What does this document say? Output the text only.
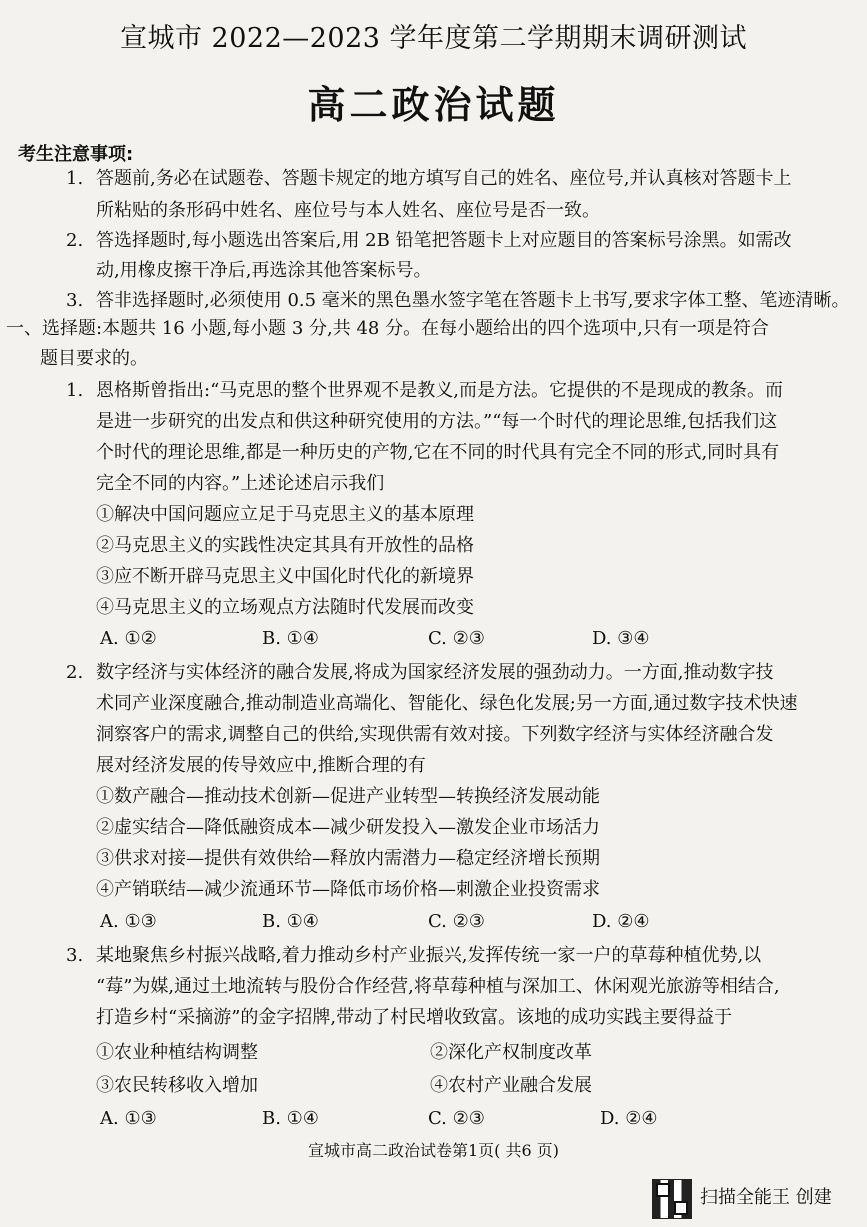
宣城市 2022—2023 学年度第二学期期末调研测试
高二政治试题
考生注意事项:
1. 答题前,务必在试题卷、答题卡规定的地方填写自己的姓名、座位号,并认真核对答题卡上
所粘贴的条形码中姓名、座位号与本人姓名、座位号是否一致。
2. 答选择题时,每小题选出答案后,用 2B 铅笔把答题卡上对应题目的答案标号涂黑。如需改
动,用橡皮擦干净后,再选涂其他答案标号。
3. 答非选择题时,必须使用 0.5 毫米的黑色墨水签字笔在答题卡上书写,要求字体工整、笔迹清晰。
一、选择题:本题共 16 小题,每小题 3 分,共 48 分。在每小题给出的四个选项中,只有一项是符合
题目要求的。
1. 恩格斯曾指出:“马克思的整个世界观不是教义,而是方法。它提供的不是现成的教条。而
是进一步研究的出发点和供这种研究使用的方法。”“每一个时代的理论思维,包括我们这
个时代的理论思维,都是一种历史的产物,它在不同的时代具有完全不同的形式,同时具有
完全不同的内容。”上述论述启示我们
①解决中国问题应立足于马克思主义的基本原理
②马克思主义的实践性决定其具有开放性的品格
③应不断开辟马克思主义中国化时代化的新境界
④马克思主义的立场观点方法随时代发展而改变
A. ①②	B. ①④	C. ②③	D. ③④
2. 数字经济与实体经济的融合发展,将成为国家经济发展的强劲动力。一方面,推动数字技
术同产业深度融合,推动制造业高端化、智能化、绿色化发展;另一方面,通过数字技术快速
洞察客户的需求,调整自己的供给,实现供需有效对接。下列数字经济与实体经济融合发
展对经济发展的传导效应中,推断合理的有
①数产融合—推动技术创新—促进产业转型—转换经济发展动能
②虚实结合—降低融资成本—减少研发投入—激发企业市场活力
③供求对接—提供有效供给—释放内需潜力—稳定经济增长预期
④产销联结—减少流通环节—降低市场价格—刺激企业投资需求
A. ①③	B. ①④	C. ②③	D. ②④
3. 某地聚焦乡村振兴战略,着力推动乡村产业振兴,发挥传统一家一户的草莓种植优势,以
“莓”为媒,通过土地流转与股份合作经营,将草莓种植与深加工、休闲观光旅游等相结合,
打造乡村“采摘游”的金字招牌,带动了村民增收致富。该地的成功实践主要得益于
①农业种植结构调整	②深化产权制度改革
③农民转移收入增加	④农村产业融合发展
A. ①③	B. ①④	C. ②③	D. ②④
宣城市高二政治试卷第1页( 共6 页)
扫描全能王 创建
